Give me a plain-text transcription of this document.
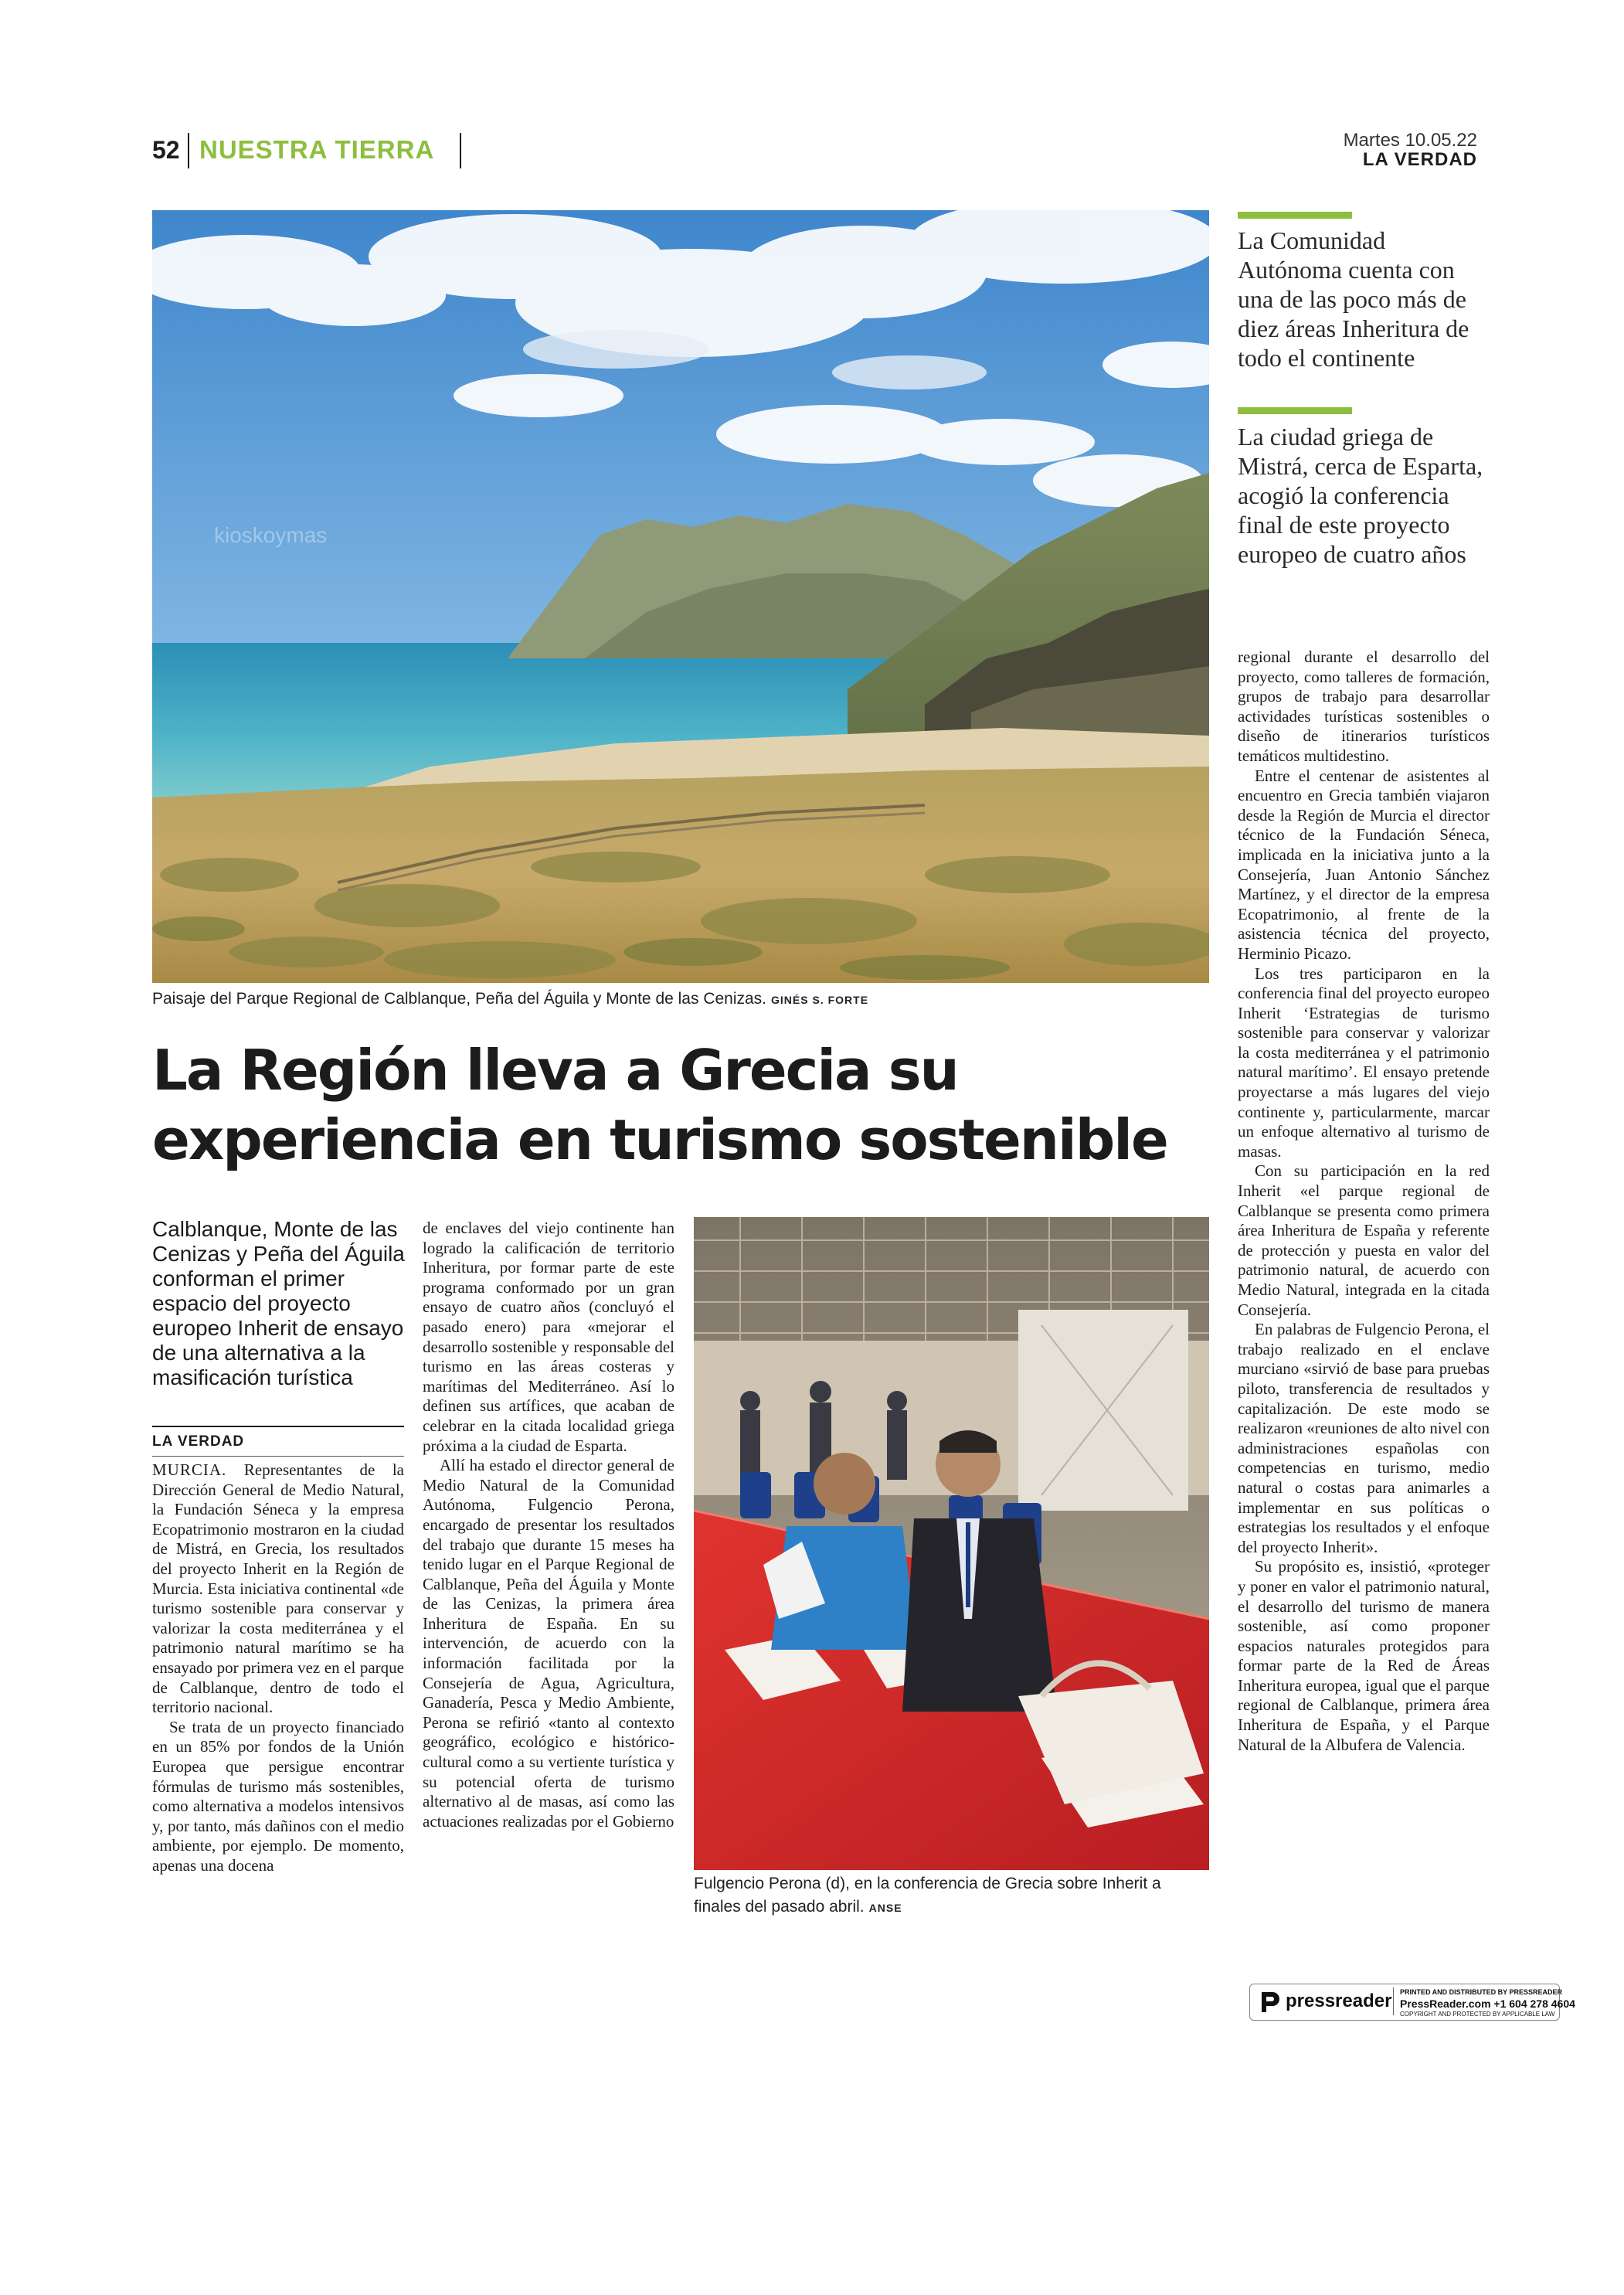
52 NUESTRA TIERRA	Martes 10.05.22
LA VERDAD
kioskoymas
Paisaje del Parque Regional de Calblanque, Peña del Águila y Monte de las Cenizas. GINÉS S. FORTE
oferna
La Comunidad Autónoma cuenta con una de las poco más de diez áreas Inheritura de todo el continente
La ciudad griega de Mistrá, cerca de Esparta, acogió la conferencia final de este proyecto europeo de cuatro años
La Región lleva a Grecia su experiencia en turismo sostenible
Calblanque, Monte de las Cenizas y Peña del Águila conforman el primer espacio del proyecto europeo Inherit de ensayo de una alternativa a la masificación turística
LA VERDAD

MURCIA. Representantes de la Dirección General de Medio Natural, la Fundación Séneca y la empresa Ecopatrimonio mostraron en la ciudad de Mistrá, en Grecia, los resultados del proyecto Inherit en la Región de Murcia. Esta iniciativa continental «de turismo sostenible para conservar y valorizar la costa mediterránea y el patrimonio natural marítimo se ha ensayado por primera vez en el parque de Calblanque, dentro de todo el territorio nacional.

Se trata de un proyecto financiado en un 85% por fondos de la Unión Europea que persigue encontrar fórmulas de turismo más sostenibles, como alternativa a modelos intensivos y, por tanto, más dañinos con el medio ambiente, por ejemplo. De momento, apenas una docena

de enclaves del viejo continente han logrado la calificación de territorio Inheritura, por formar parte de este programa conformado por un gran ensayo de cuatro años (concluyó el pasado enero) para «mejorar el desarrollo sostenible y responsable del turismo en las áreas costeras y marítimas del Mediterráneo. Así lo definen sus artífices, que acaban de celebrar en la citada localidad griega próxima a la ciudad de Esparta.

Allí ha estado el director general de Medio Natural de la Comunidad Autónoma, Fulgencio Perona, encargado de presentar los resultados del trabajo que durante 15 meses ha tenido lugar en el Parque Regional de Calblanque, Peña del Águila y Monte de las Cenizas, la primera área Inheritura de España. En su intervención, de acuerdo con la información facilitada por la Consejería de Agua, Agricultura, Ganadería, Pesca y Medio Ambiente, Perona se refirió «tanto al contexto geográfico, ecológico e histórico-cultural como a su vertiente turística y su potencial oferta de turismo alternativo al de masas, así como las actuaciones realizadas por el Gobierno

Fulgencio Perona (d), en la conferencia de Grecia sobre Inherit a finales del pasado abril. ANSE

regional durante el desarrollo del proyecto, como talleres de formación, grupos de trabajo para desarrollar actividades turísticas sostenibles o diseño de itinerarios turísticos temáticos multidestino.

Entre el centenar de asistentes al encuentro en Grecia también viajaron desde la Región de Murcia el director técnico de la Fundación Séneca, implicada en la iniciativa junto a la Consejería, Juan Antonio Sánchez Martínez, y el director de la empresa Ecopatrimonio, al frente de la asistencia técnica del proyecto, Herminio Picazo.

Los tres participaron en la conferencia final del proyecto europeo Inherit ‘Estrategias de turismo sostenible para conservar y valorizar la costa mediterránea y el patrimonio natural marítimo’. El ensayo pretende proyectarse a más lugares del viejo continente y, particularmente, marcar un enfoque alternativo al turismo de masas.

Con su participación en la red Inherit «el parque regional de Calblanque se presenta como primera área Inheritura de España y referente de protección y puesta en valor del patrimonio natural, de acuerdo con Medio Natural, integrada en la citada Consejería.

En palabras de Fulgencio Perona, el trabajo realizado en el enclave murciano «sirvió de base para pruebas piloto, transferencia de resultados y capitalización. De este modo se realizaron «reuniones de alto nivel con administraciones españolas con competencias en turismo, medio natural o costas para animarles a implementar en sus políticas o estrategias los resultados y el enfoque del proyecto Inherit».

Su propósito es, insistió, «proteger y poner en valor el patrimonio natural, el desarrollo del turismo de manera sostenible, así como proponer espacios naturales protegidos para formar parte de la Red de Áreas Inheritura europea, igual que el parque regional de Calblanque, primera área Inheritura de España, y el Parque Natural de la Albufera de Valencia.

pressreader PRINTED AND DISTRIBUTED BY PRESSREADER
PressReader.com +1 604 278 4604
COPYRIGHT AND PROTECTED BY APPLICABLE LAW
